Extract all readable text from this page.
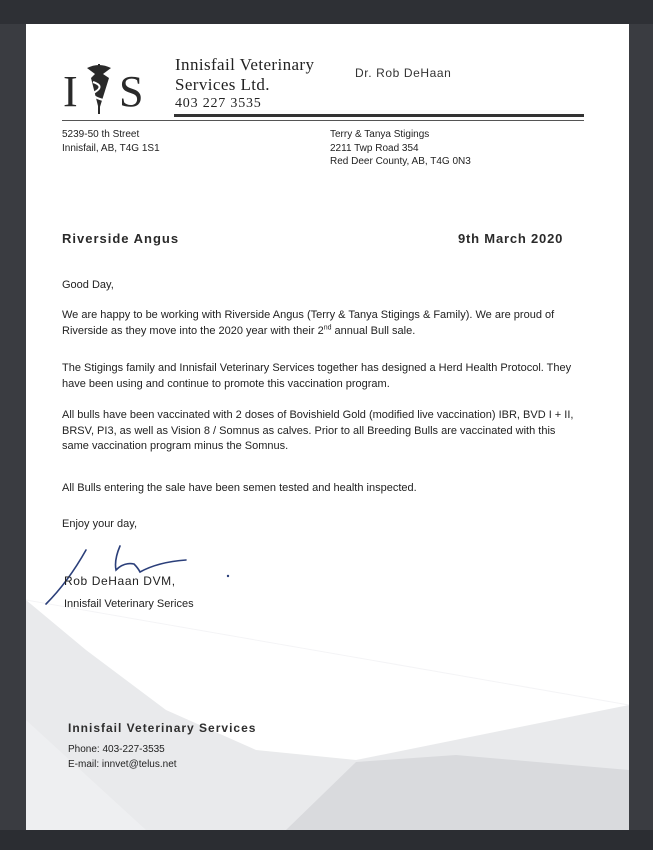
I S
Innisfail Veterinary
Services Ltd.
403 227 3535
Dr. Rob DeHaan
5239-50 th Street
Innisfail, AB, T4G 1S1
Terry & Tanya Stigings
2211 Twp Road 354
Red Deer County, AB, T4G 0N3
Riverside Angus	9th March 2020
Good Day,
We are happy to be working with Riverside Angus (Terry & Tanya Stigings & Family). We are proud of Riverside as they move into the 2020 year with their 2nd annual Bull sale.
The Stigings family and Innisfail Veterinary Services together has designed a Herd Health Protocol. They have been using and continue to promote this vaccination program.
All bulls have been vaccinated with 2 doses of Bovishield Gold (modified live vaccination) IBR, BVD I + II, BRSV, PI3, as well as Vision 8 / Somnus as calves. Prior to all Breeding Bulls are vaccinated with this same vaccination program minus the Somnus.
All Bulls entering the sale have been semen tested and health inspected.
Enjoy your day,
Rob DeHaan DVM,
Innisfail Veterinary Serices
Innisfail Veterinary Services
Phone: 403-227-3535
E-mail: innvet@telus.net
